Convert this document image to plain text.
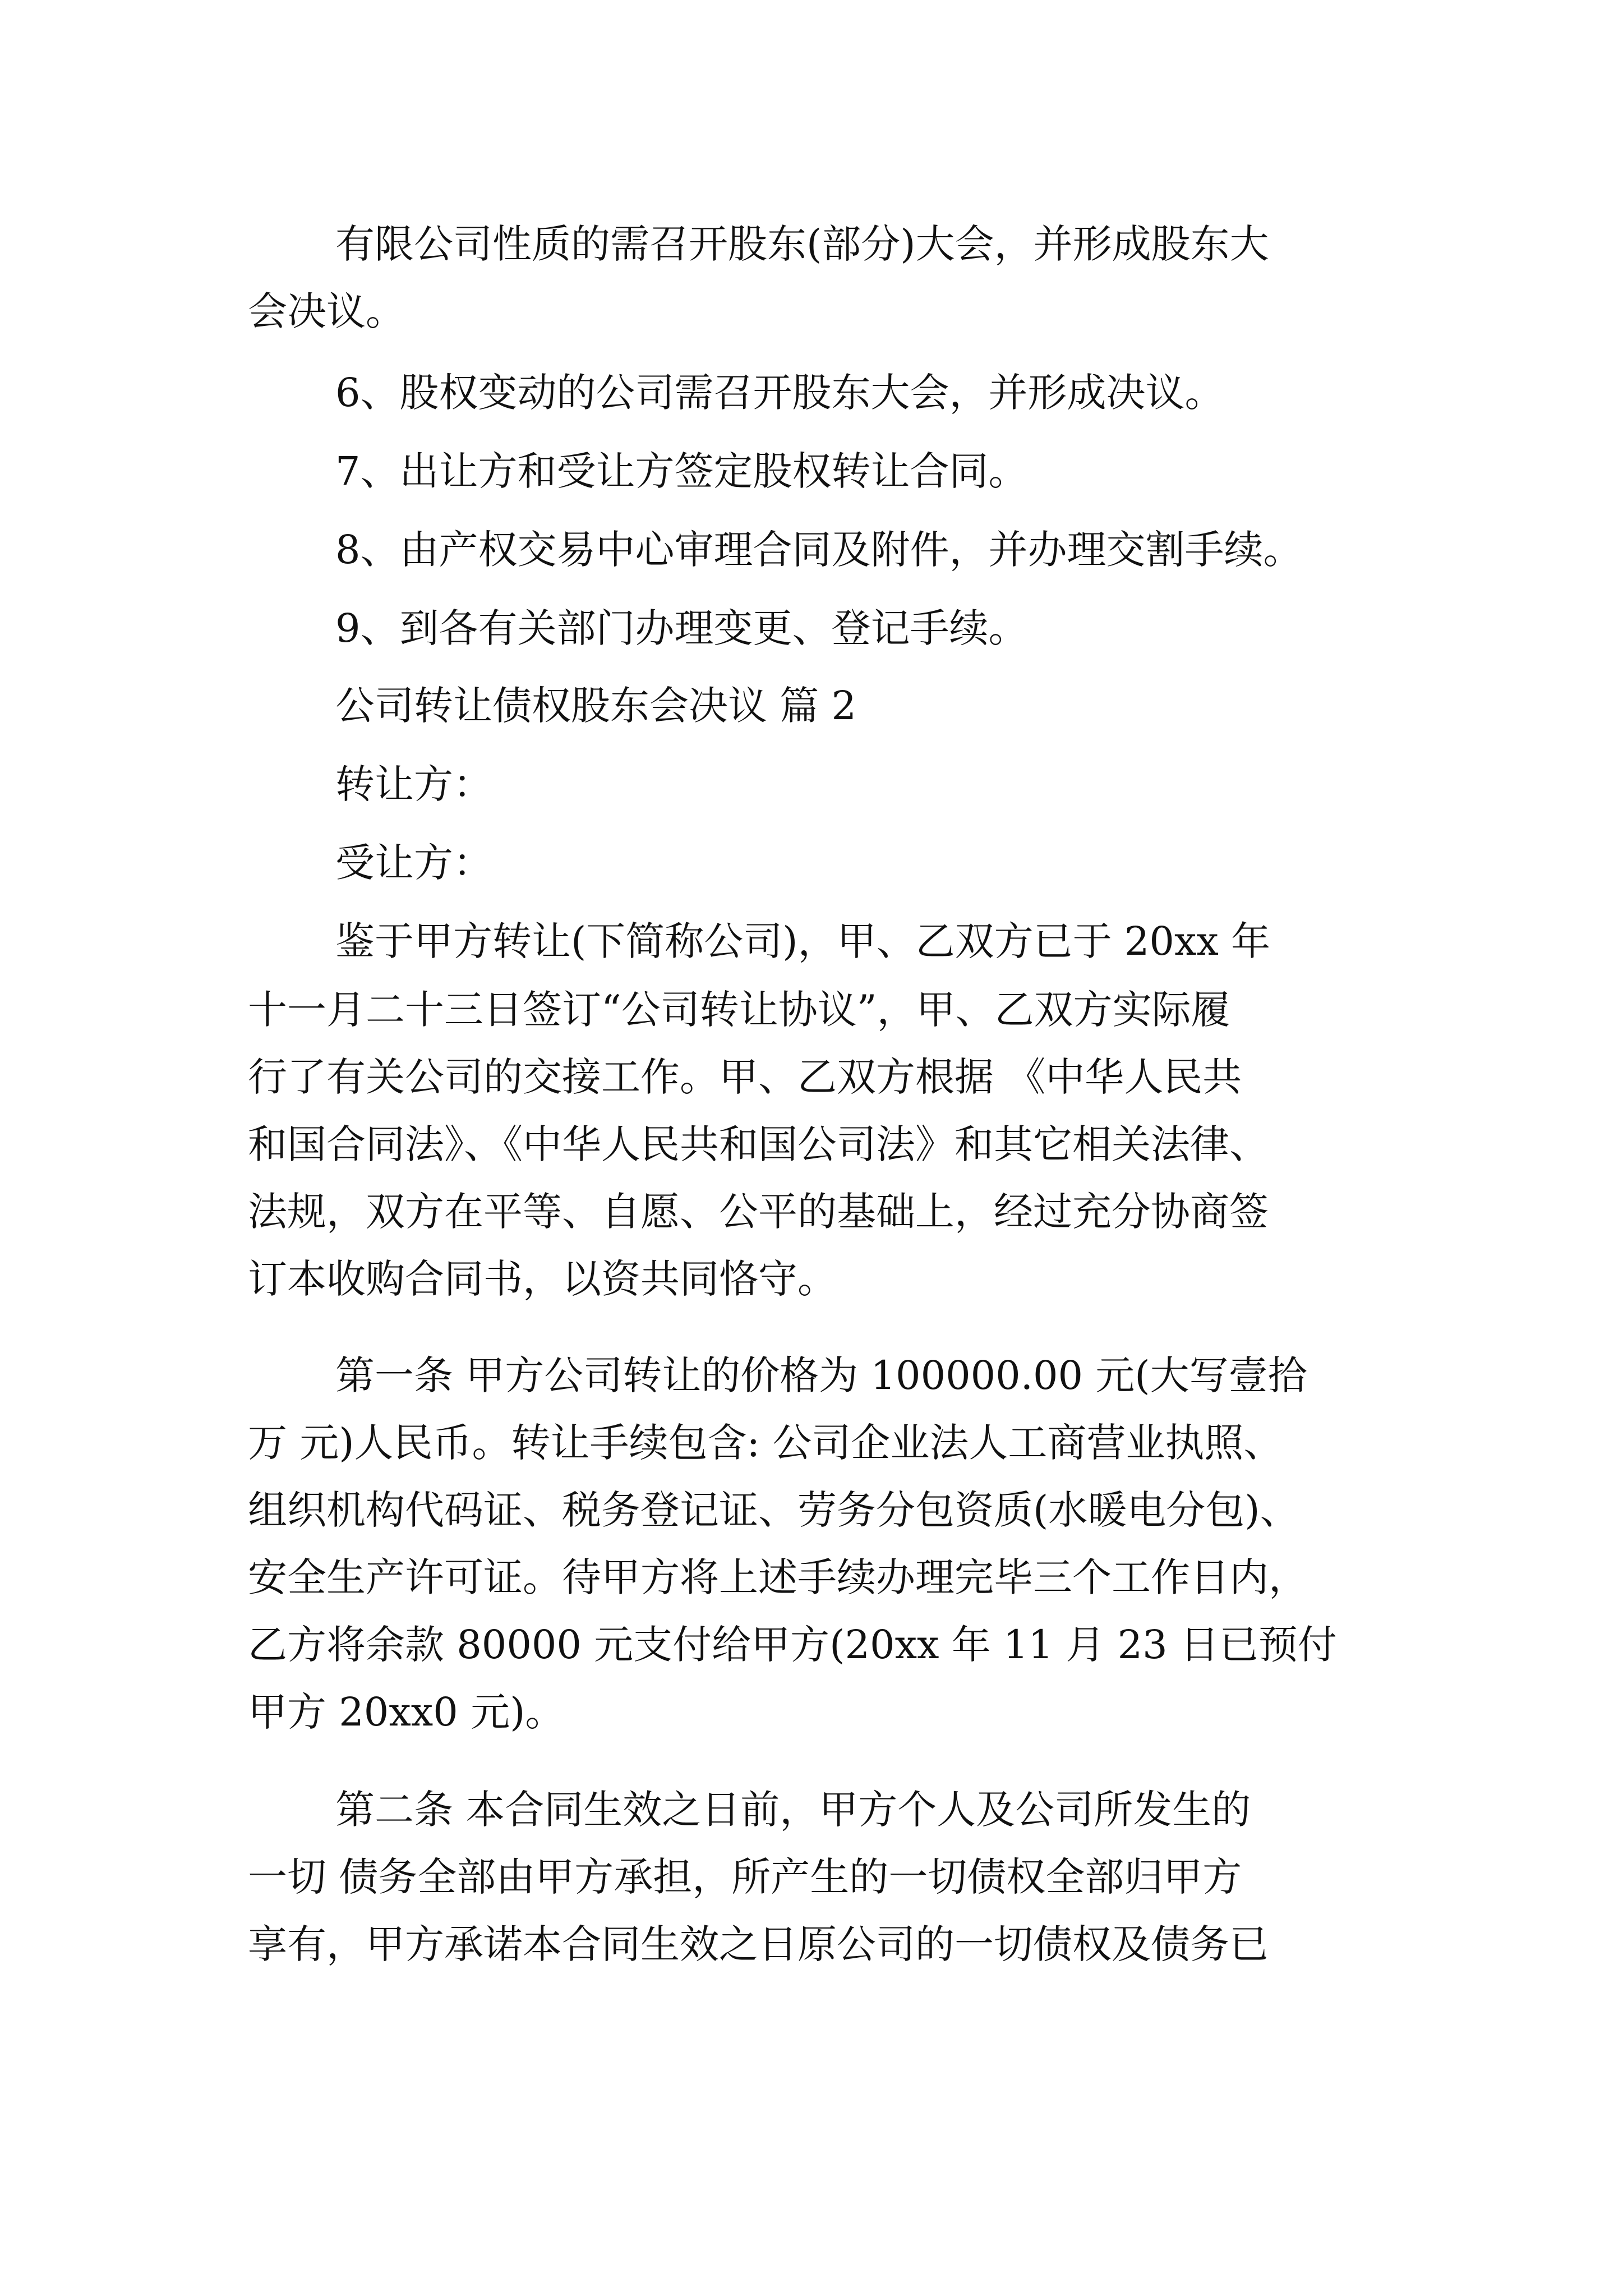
有限公司性质的需召开股东(部分)大会，并形成股东大

会决议。

6、股权变动的公司需召开股东大会，并形成决议。

7、出让方和受让方签定股权转让合同。

8、由产权交易中心审理合同及附件，并办理交割手续。

9、到各有关部门办理变更、登记手续。

公司转让债权股东会决议 篇 2

转让方：

受让方：

鉴于甲方转让(下简称公司)，甲、乙双方已于 20xx 年

十一月二十三日签订“公司转让协议”，甲、乙双方实际履

行了有关公司的交接工作。甲、乙双方根据 《中华人民共

和国合同法》、《中华人民共和国公司法》和其它相关法律、

法规，双方在平等、自愿、公平的基础上，经过充分协商签

订本收购合同书，以资共同恪守。

第一条 甲方公司转让的价格为 100000.00 元(大写壹拾

万 元)人民币。转让手续包含: 公司企业法人工商营业执照、

组织机构代码证、税务登记证、劳务分包资质(水暖电分包)、

安全生产许可证。待甲方将上述手续办理完毕三个工作日内，

乙方将余款 80000 元支付给甲方(20xx 年 11 月 23 日已预付

甲方 20xx0 元)。

第二条 本合同生效之日前，甲方个人及公司所发生的

一切 债务全部由甲方承担，所产生的一切债权全部归甲方

享有，甲方承诺本合同生效之日原公司的一切债权及债务已
